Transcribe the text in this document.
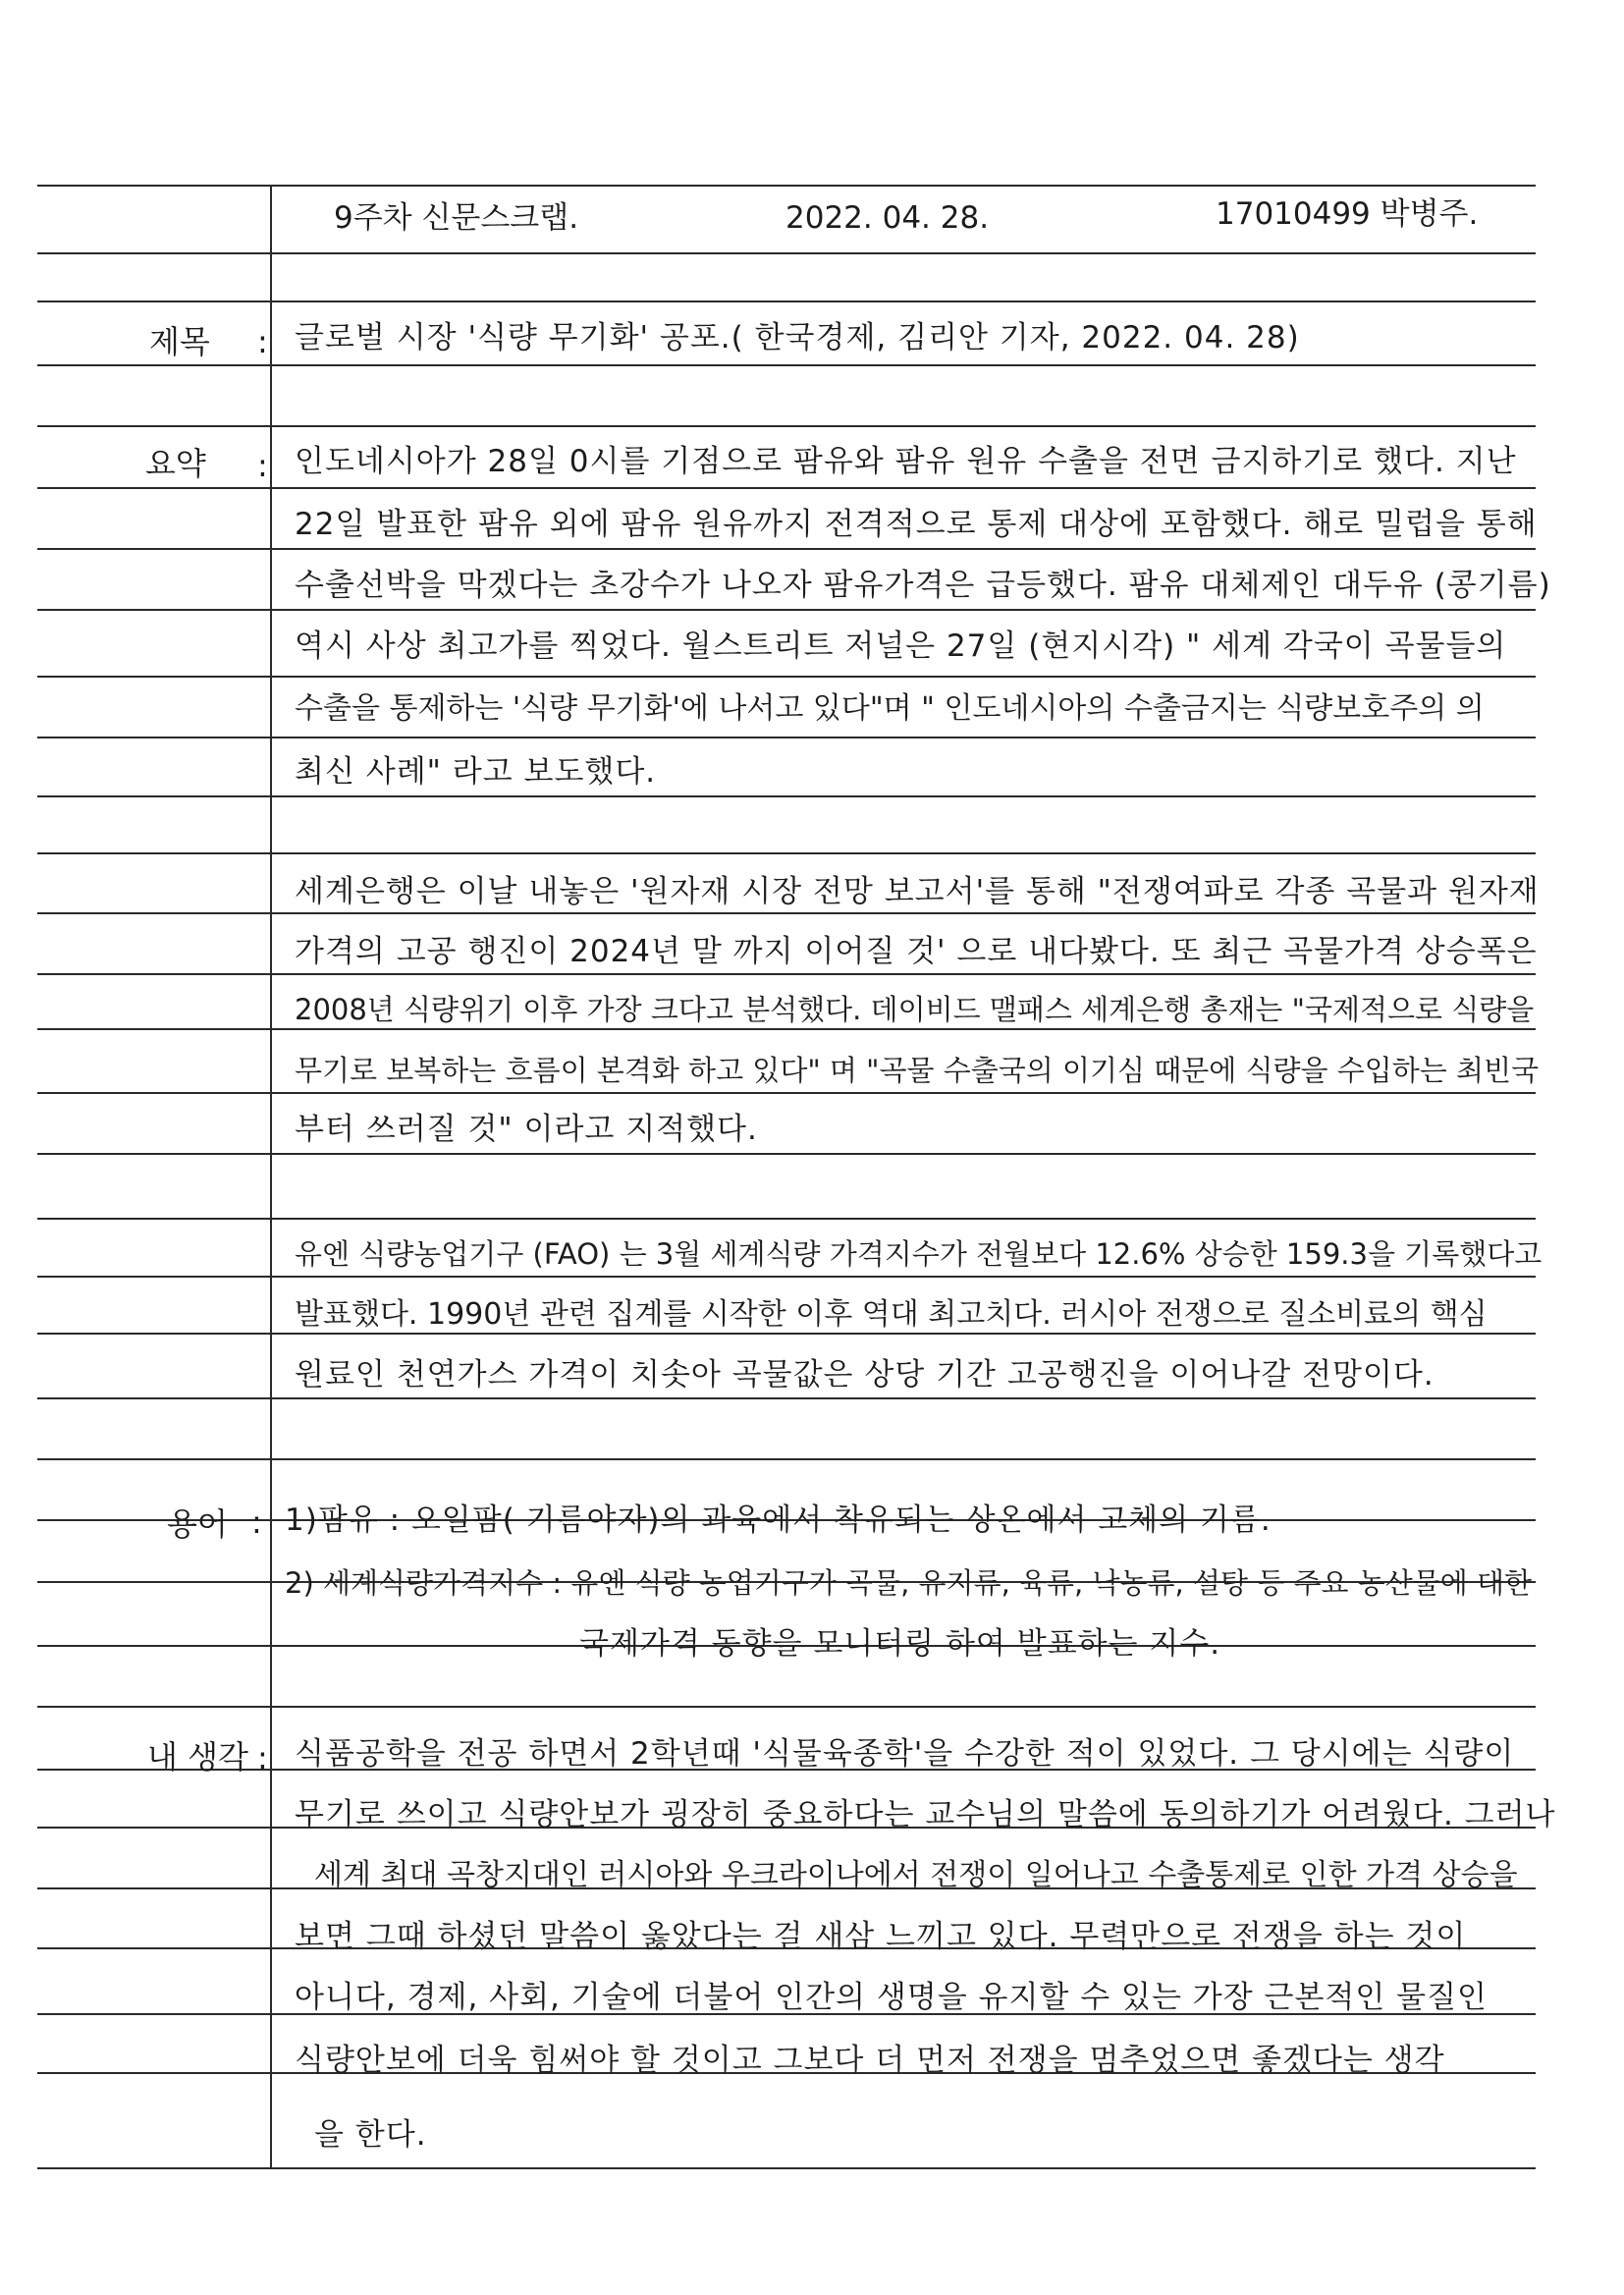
9주차 신문스크랩.	2022. 04. 28.	17010499 박병주.
제목 :
요약 :
용어 :
내 생각 :
글로벌 시장 '식량 무기화' 공포.( 한국경제, 김리안 기자, 2022. 04. 28)
인도네시아가 28일 0시를 기점으로 팜유와 팜유 원유 수출을 전면 금지하기로 했다. 지난
22일 발표한 팜유 외에 팜유 원유까지 전격적으로 통제 대상에 포함했다. 해로 밀럽을 통해
수출선박을 막겠다는 초강수가 나오자 팜유가격은 급등했다. 팜유 대체제인 대두유 (콩기름)
역시 사상 최고가를 찍었다. 월스트리트 저널은 27일 (현지시각) " 세계 각국이 곡물들의
수출을 통제하는 '식량 무기화'에 나서고 있다"며 " 인도네시아의 수출금지는 식량보호주의 의
최신 사례" 라고 보도했다.
세계은행은 이날 내놓은 '원자재 시장 전망 보고서'를 통해 "전쟁여파로 각종 곡물과 원자재
가격의 고공 행진이 2024년 말 까지 이어질 것' 으로 내다봤다. 또 최근 곡물가격 상승폭은
2008년 식량위기 이후 가장 크다고 분석했다. 데이비드 맬패스 세계은행 총재는 "국제적으로 식량을
무기로 보복하는 흐름이 본격화 하고 있다" 며 "곡물 수출국의 이기심 때문에 식량을 수입하는 최빈국
부터 쓰러질 것" 이라고 지적했다.
유엔 식량농업기구 (FAO) 는 3월 세계식량 가격지수가 전월보다 12.6% 상승한 159.3을 기록했다고
발표했다. 1990년 관련 집계를 시작한 이후 역대 최고치다. 러시아 전쟁으로 질소비료의 핵심
원료인 천연가스 가격이 치솟아 곡물값은 상당 기간 고공행진을 이어나갈 전망이다.
1)팜유 : 오일팜( 기름야자)의 과육에서 착유되는 상온에서 고체의 기름.
2) 세계식량가격지수 : 유엔 식량 농업기구가 곡물, 유지류, 육류, 낙농류, 설탕 등 주요 농산물에 대한
국제가격 동향을 모니터링 하여 발표하는 지수.
식품공학을 전공 하면서 2학년때 '식물육종학'을 수강한 적이 있었다. 그 당시에는 식량이
무기로 쓰이고 식량안보가 굉장히 중요하다는 교수님의 말씀에 동의하기가 어려웠다. 그러나
세계 최대 곡창지대인 러시아와 우크라이나에서 전쟁이 일어나고 수출통제로 인한 가격 상승을
보면 그때 하셨던 말씀이 옳았다는 걸 새삼 느끼고 있다. 무력만으로 전쟁을 하는 것이
아니다, 경제, 사회, 기술에 더불어 인간의 생명을 유지할 수 있는 가장 근본적인 물질인
식량안보에 더욱 힘써야 할 것이고 그보다 더 먼저 전쟁을 멈추었으면 좋겠다는 생각
을 한다.
